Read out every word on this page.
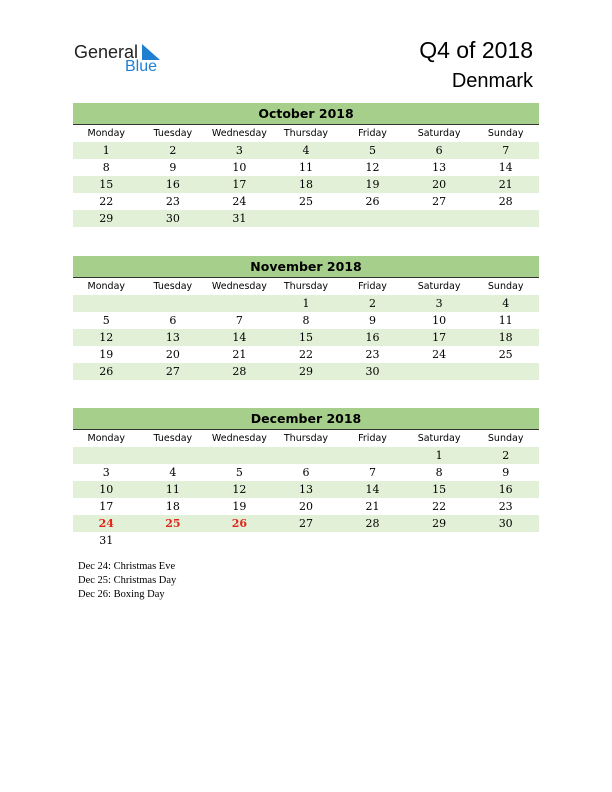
General
Blue
Q4 of 2018
Denmark
October 2018
Monday	Tuesday	Wednesday	Thursday	Friday	Saturday	Sunday
1	2	3	4	5	6	7
8	9	10	11	12	13	14
15	16	17	18	19	20	21
22	23	24	25	26	27	28
29	30	31				
November 2018
Monday	Tuesday	Wednesday	Thursday	Friday	Saturday	Sunday
			1	2	3	4
5	6	7	8	9	10	11
12	13	14	15	16	17	18
19	20	21	22	23	24	25
26	27	28	29	30		
December 2018
Monday	Tuesday	Wednesday	Thursday	Friday	Saturday	Sunday
					1	2
3	4	5	6	7	8	9
10	11	12	13	14	15	16
17	18	19	20	21	22	23
24	25	26	27	28	29	30
31						
Dec 24: Christmas Eve
Dec 25: Christmas Day
Dec 26: Boxing Day
